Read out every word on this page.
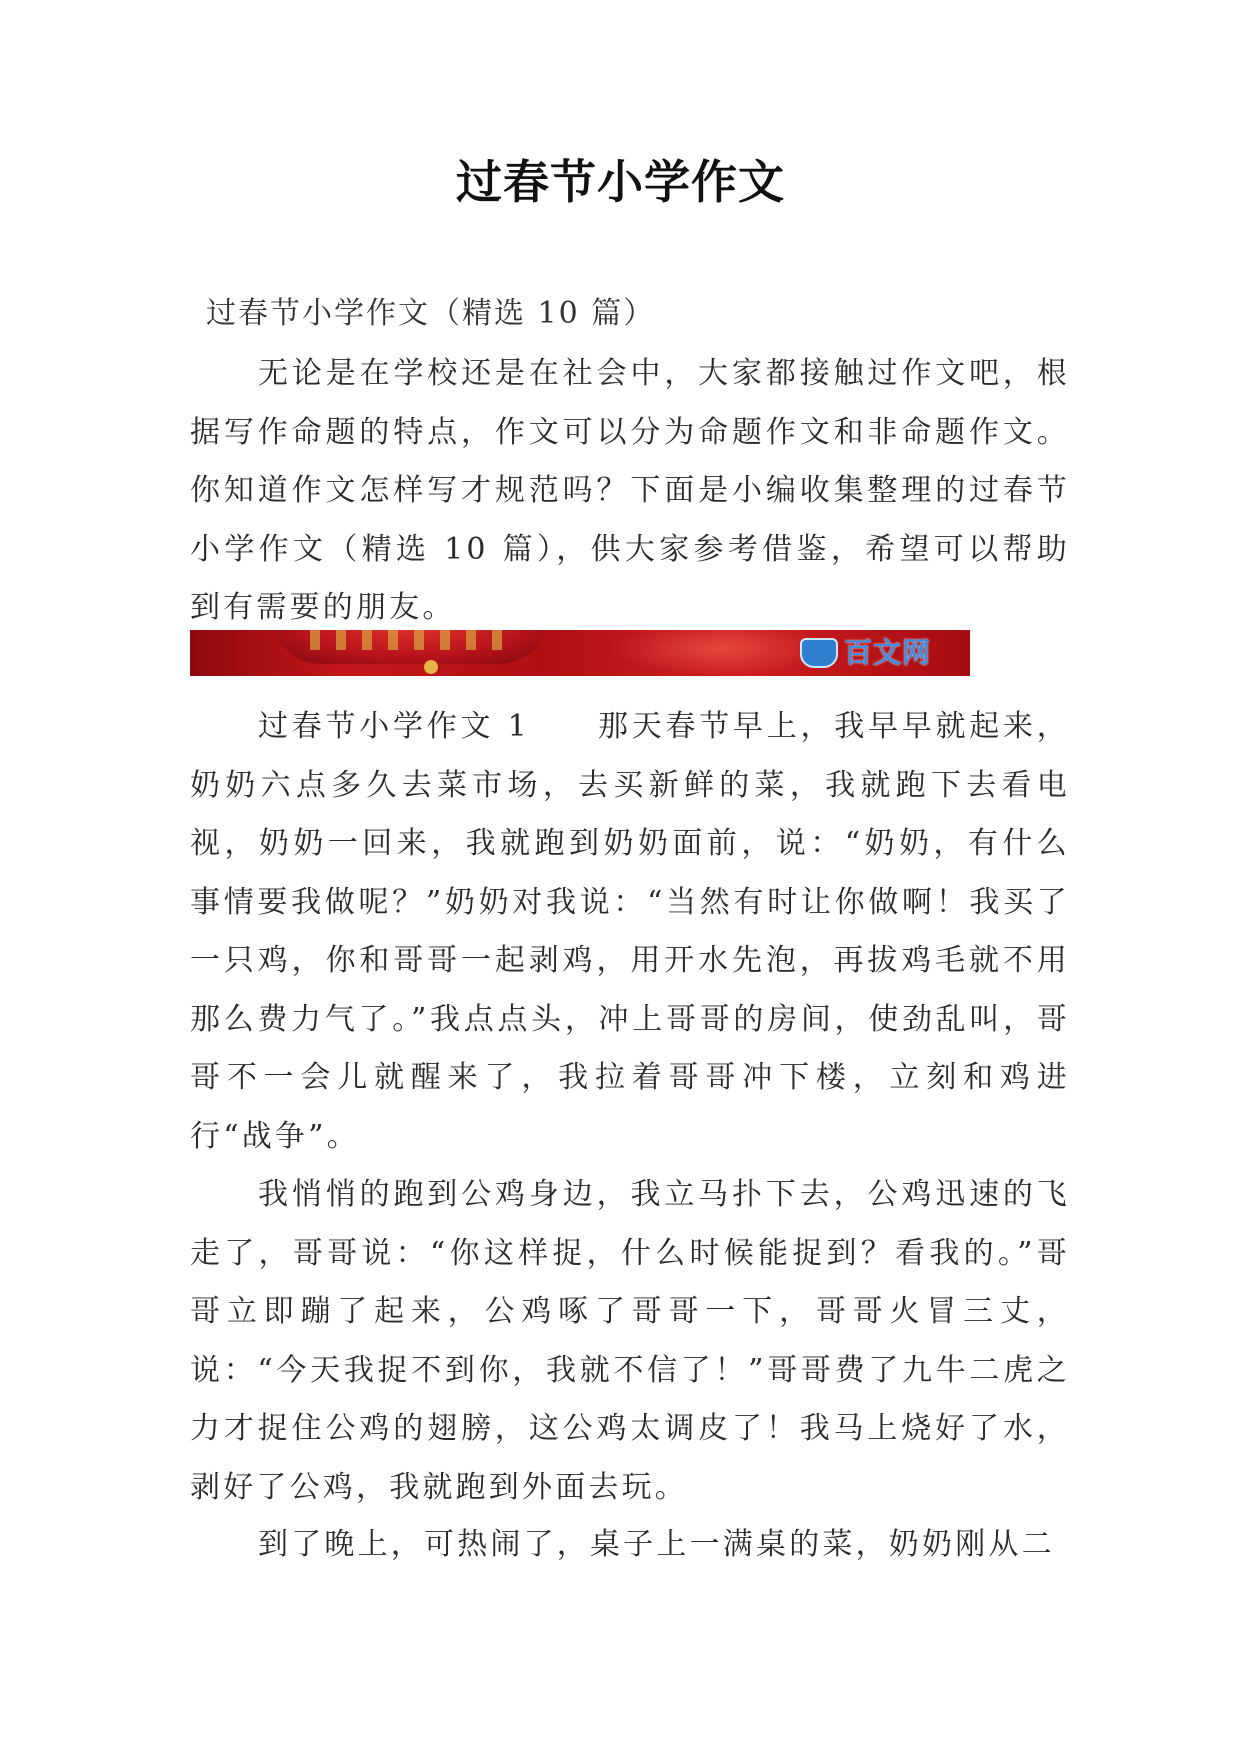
过春节小学作文
过春节小学作文（精选 10 篇）

无论是在学校还是在社会中，大家都接触过作文吧，根据写作命题的特点，作文可以分为命题作文和非命题作文。你知道作文怎样写才规范吗？下面是小编收集整理的过春节小学作文（精选 10 篇），供大家参考借鉴，希望可以帮助到有需要的朋友。

百文网

过春节小学作文 1　　那天春节早上，我早早就起来，奶奶六点多久去菜市场，去买新鲜的菜，我就跑下去看电视，奶奶一回来，我就跑到奶奶面前，说：“奶奶，有什么事情要我做呢？”奶奶对我说：“当然有时让你做啊！我买了一只鸡，你和哥哥一起剥鸡，用开水先泡，再拔鸡毛就不用那么费力气了。”我点点头，冲上哥哥的房间，使劲乱叫，哥哥不一会儿就醒来了，我拉着哥哥冲下楼，立刻和鸡进行“战争”。

我悄悄的跑到公鸡身边，我立马扑下去，公鸡迅速的飞走了，哥哥说：“你这样捉，什么时候能捉到？看我的。”哥哥立即蹦了起来，公鸡啄了哥哥一下，哥哥火冒三丈，说：“今天我捉不到你，我就不信了！”哥哥费了九牛二虎之力才捉住公鸡的翅膀，这公鸡太调皮了！我马上烧好了水，剥好了公鸡，我就跑到外面去玩。

到了晚上，可热闹了，桌子上一满桌的菜，奶奶刚从二
